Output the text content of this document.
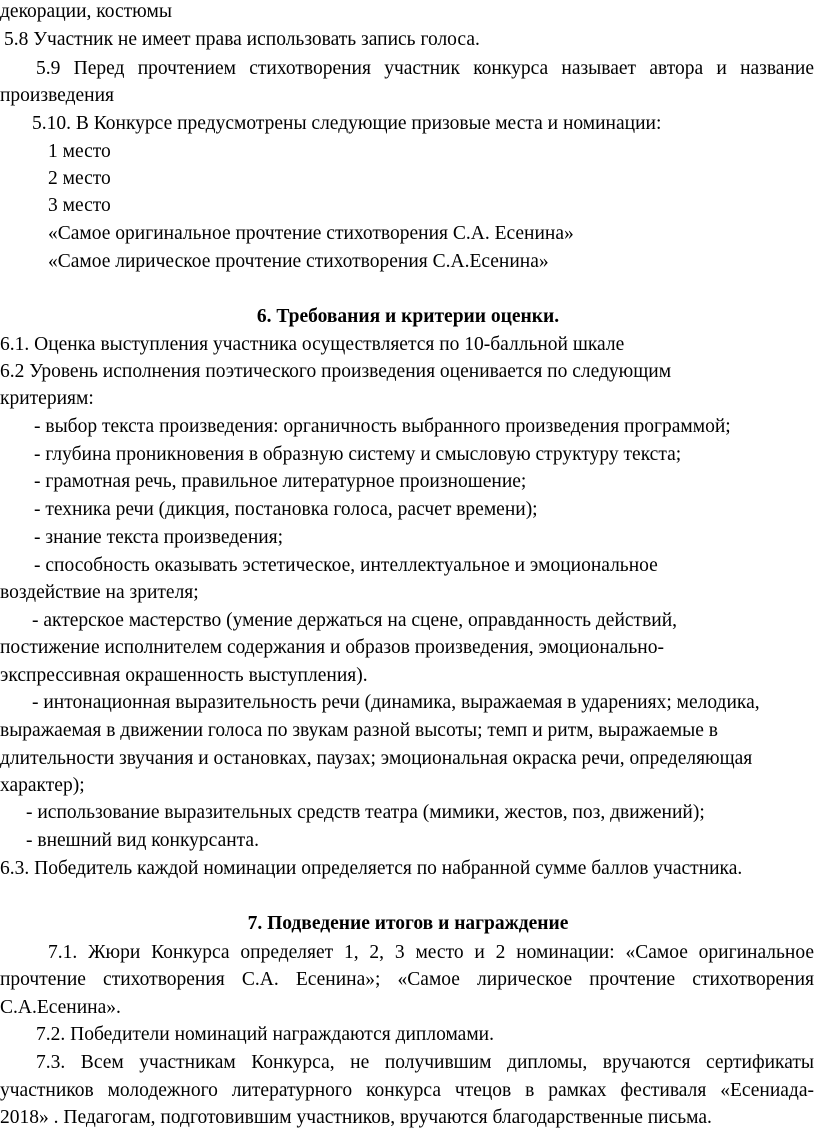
декорации, костюмы

5.8 Участник не имеет права использовать запись голоса.

5.9 Перед прочтением стихотворения участник конкурса называет автора и название

произведения

5.10. В Конкурсе предусмотрены следующие призовые места и номинации:

1 место

2 место

3 место

«Самое оригинальное прочтение стихотворения С.А. Есенина»

«Самое лирическое прочтение стихотворения С.А.Есенина»

6. Требования и критерии оценки.

6.1. Оценка выступления участника осуществляется по 10-балльной шкале

6.2 Уровень исполнения поэтического произведения оценивается по следующим

критериям:

- выбор текста произведения: органичность выбранного произведения программой;

- глубина проникновения в образную систему и смысловую структуру текста;

- грамотная речь, правильное литературное произношение;

- техника речи (дикция, постановка голоса, расчет времени);

- знание текста произведения;

- способность оказывать эстетическое, интеллектуальное и эмоциональное

воздействие на зрителя;

- актерское мастерство (умение держаться на сцене, оправданность действий,

постижение исполнителем содержания и образов произведения, эмоционально-

экспрессивная окрашенность выступления).

- интонационная выразительность речи (динамика, выражаемая в ударениях; мелодика,

выражаемая в движении голоса по звукам разной высоты; темп и ритм, выражаемые в

длительности звучания и остановках, паузах; эмоциональная окраска речи, определяющая

характер);

- использование выразительных средств театра (мимики, жестов, поз, движений);

- внешний вид конкурсанта.

6.3. Победитель каждой номинации определяется по набранной сумме баллов участника.

7. Подведение итогов и награждение

7.1. Жюри Конкурса определяет 1, 2, 3 место и 2 номинации: «Самое оригинальное

прочтение стихотворения С.А. Есенина»; «Самое лирическое прочтение стихотворения

С.А.Есенина».

7.2. Победители номинаций награждаются дипломами.

7.3. Всем участникам Конкурса, не получившим дипломы, вручаются сертификаты

участников молодежного литературного конкурса чтецов в рамках фестиваля «Есениада-

2018» . Педагогам, подготовившим участников, вручаются благодарственные письма.
